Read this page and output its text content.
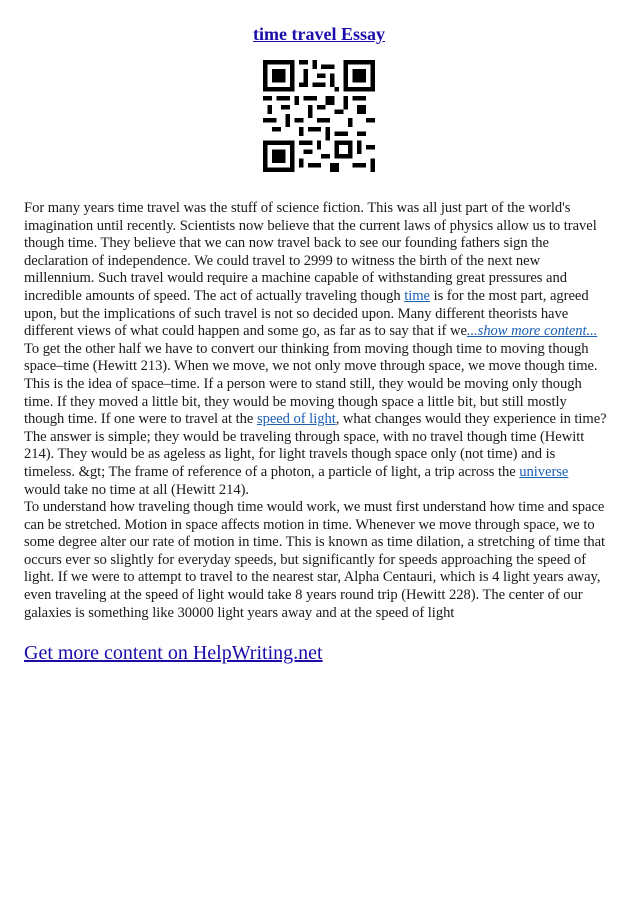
time travel Essay

For many years time travel was the stuff of science fiction. This was all just part of the world's imagination until recently. Scientists now believe that the current laws of physics allow us to travel though time. They believe that we can now travel back to see our founding fathers sign the declaration of independence. We could travel to 2999 to witness the birth of the next new millennium. Such travel would require a machine capable of withstanding great pressures and incredible amounts of speed. The act of actually traveling though time is for the most part, agreed upon, but the implications of such travel is not so decided upon. Many different theorists have different views of what could happen and some go, as far as to say that if we...show more content...

To get the other half we have to convert our thinking from moving though time to moving though space–time (Hewitt 213). When we move, we not only move through space, we move though time. This is the idea of space–time. If a person were to stand still, they would be moving only though time. If they moved a little bit, they would be moving though space a little bit, but still mostly though time. If one were to travel at the speed of light, what changes would they experience in time? The answer is simple; they would be traveling through space, with no travel though time (Hewitt 214). They would be as ageless as light, for light travels though space only (not time) and is timeless. &gt; The frame of reference of a photon, a particle of light, a trip across the universe would take no time at all (Hewitt 214).

To understand how traveling though time would work, we must first understand how time and space can be stretched. Motion in space affects motion in time. Whenever we move through space, we to some degree alter our rate of motion in time. This is known as time dilation, a stretching of time that occurs ever so slightly for everyday speeds, but significantly for speeds approaching the speed of light. If we were to attempt to travel to the nearest star, Alpha Centauri, which is 4 light years away, even traveling at the speed of light would take 8 years round trip (Hewitt 228). The center of our galaxies is something like 30000 light years away and at the speed of light

Get more content on HelpWriting.net
